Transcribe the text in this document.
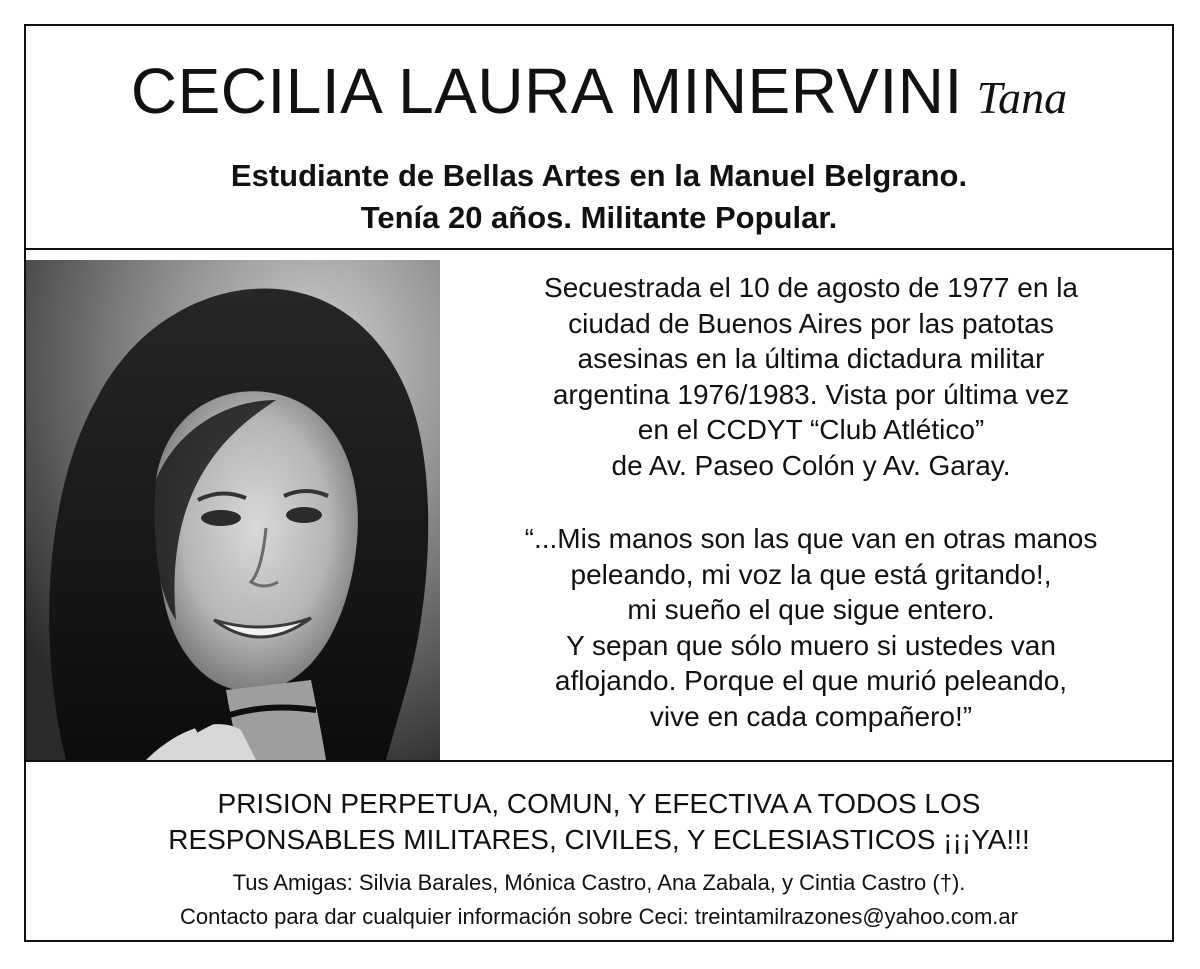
CECILIA LAURA MINERVINI Tana
Estudiante de Bellas Artes en la Manuel Belgrano.
Tenía 20 años. Militante Popular.
Secuestrada el 10 de agosto de 1977 en la
ciudad de Buenos Aires por las patotas
asesinas en la última dictadura militar
argentina 1976/1983. Vista por última vez
en el CCDYT “Club Atlético”
de Av. Paseo Colón y Av. Garay.
“...Mis manos son las que van en otras manos
peleando, mi voz la que está gritando!,
mi sueño el que sigue entero.
Y sepan que sólo muero si ustedes van
aflojando. Porque el que murió peleando,
vive en cada compañero!”
PRISION PERPETUA, COMUN, Y EFECTIVA A TODOS LOS
RESPONSABLES MILITARES, CIVILES, Y ECLESIASTICOS ¡¡¡YA!!!
Tus Amigas: Silvia Barales, Mónica Castro, Ana Zabala, y Cintia Castro (†).
Contacto para dar cualquier información sobre Ceci: treintamilrazones@yahoo.com.ar
